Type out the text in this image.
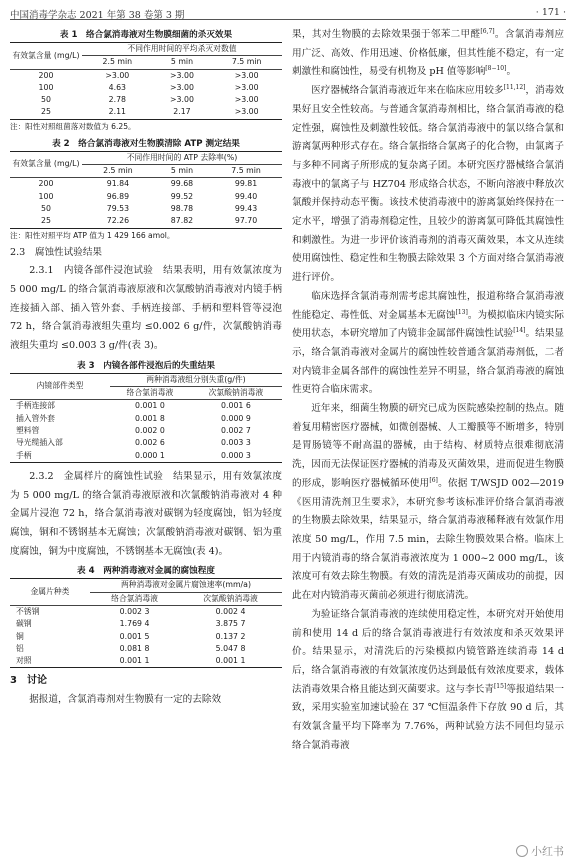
中国消毒学杂志 2021 年第 38 卷第 3 期	· 171 ·
表 1　络合氯消毒液对生物膜细菌的杀灭效果
有效氯含量 (mg/L)	不同作用时间的平均杀灭对数值		
	2.5 min	5 min	7.5 min
200	>3.00	>3.00	>3.00
100	4.63	>3.00	>3.00
50	2.78	>3.00	>3.00
25	2.11	2.17	>3.00
注：阳性对照组菌落对数值为 6.25。
表 2　络合氯消毒液对生物膜清除 ATP 测定结果
有效氯含量 (mg/L)	不同作用时间的 ATP 去除率(%)		
	2.5 min	5 min	7.5 min
200	91.84	99.68	99.81
100	96.89	99.52	99.40
50	79.53	98.78	99.43
25	72.26	87.82	97.70
注：阳性对照平均 ATP 值为 1 429 166 amol。
2.3　腐蚀性试验结果

2.3.1　内镜各部件浸泡试验　结果表明，用有效氯浓度为 5 000 mg/L 的络合氯消毒液原液和次氯酸钠消毒液对内镜手柄连接插入部、插入管外套、手柄连接部、手柄和塑料管等浸泡 72 h，络合氯消毒液组失重均 ≤0.002 6 g/件，次氯酸钠消毒液组失重均 ≤0.003 3 g/件(表 3)。

表 3　内镜各部件浸泡后的失重结果
内镜部件类型	两种消毒液组分别失重(g/件)	
	络合氯消毒液	次氯酸钠消毒液
手柄连接部	0.001 0	0.001 6
插入管外套	0.001 8	0.000 9
塑料管	0.002 0	0.002 7
导光缆插入部	0.002 6	0.003 3
手柄	0.000 1	0.000 3

2.3.2　金属样片的腐蚀性试验　结果显示，用有效氯浓度为 5 000 mg/L 的络合氯消毒液原液和次氯酸钠消毒液对 4 种金属片浸泡 72 h，络合氯消毒液对碳钢为轻度腐蚀，铝为轻度腐蚀，铜和不锈钢基本无腐蚀；次氯酸钠消毒液对碳钢、铝为重度腐蚀，铜为中度腐蚀，不锈钢基本无腐蚀(表 4)。

表 4　两种消毒液对金属的腐蚀程度
金属片种类	两种消毒液对金属片腐蚀速率(mm/a)	
	络合氯消毒液	次氯酸钠消毒液
不锈钢	0.002 3	0.002 4
碳钢	1.769 4	3.875 7
铜	0.001 5	0.137 2
铝	0.081 8	5.047 8
对照	0.001 1	0.001 1
3　讨论

据报道，含氯消毒剂对生物膜有一定的去除效

果，其对生物膜的去除效果强于邻苯二甲醛[6,7]。含氯消毒剂应用广泛、高效、作用迅速、价格低廉，但其性能不稳定，有一定刺激性和腐蚀性，易受有机物及 pH 值等影响[8−10]。

医疗器械络合氯消毒液近年来在临床应用较多[11,12]，消毒效果好且安全性较高。与普通含氯消毒剂相比，络合氯消毒液的稳定性强，腐蚀性及刺激性较低。络合氯消毒液中的氯以络合氯和游离氯两种形式存在。络合氯指络合氯离子的化合物，由氯离子与多种不同离子所形成的复杂离子团。本研究医疗器械络合氯消毒液中的氯离子与 HZ704 形成络合状态，不断向溶液中释放次氯酸并保持动态平衡。该技术使消毒液中的游离氯始终保持在一定水平，增强了消毒剂稳定性，且较少的游离氯可降低其腐蚀性和刺激性。为进一步评价该消毒剂的消毒灭菌效果，本文从连续使用腐蚀性、稳定性和生物膜去除效果 3 个方面对络合氯消毒液进行评价。

临床选择含氯消毒剂需考虑其腐蚀性，报道称络合氯消毒液性能稳定、毒性低、对金属基本无腐蚀[13]。为模拟临床内镜实际使用状态，本研究增加了内镜非金属部件腐蚀性试验[14]。结果显示，络合氯消毒液对金属片的腐蚀性较普通含氯消毒剂低，二者对内镜非金属各部件的腐蚀性差异不明显，络合氯消毒液的腐蚀性更符合临床需求。

近年来，细菌生物膜的研究已成为医院感染控制的热点。随着复用精密医疗器械，如微创器械、人工瓣膜等不断增多，特别是胃肠镜等不耐高温的器械，由于结构、材质特点很难彻底清洗，因而无法保证医疗器械的消毒及灭菌效果，进而促进生物膜的形成，影响医疗器械循环使用[6]。依据 T/WSJD 002—2019《医用清洗剂卫生要求》，本研究参考该标准评价络合氯消毒液的生物膜去除效果，结果显示，络合氯消毒液稀释液有效氯作用浓度 50 mg/L，作用 7.5 min，去除生物膜效果合格。临床上用于内镜消毒的络合氯消毒液浓度为 1 000~2 000 mg/L，该浓度可有效去除生物膜。有效的清洗是消毒灭菌成功的前提，因此在对内镜消毒灭菌前必须进行彻底清洗。

为验证络合氯消毒液的连续使用稳定性，本研究对开始使用前和使用 14 d 后的络合氯消毒液进行有效浓度和杀灭效果评价。结果显示，对清洗后的污染模拟内镜管路连续消毒 14 d 后，络合氯消毒液的有效氯浓度仍达到最低有效浓度要求，载体法消毒效果合格且能达到灭菌要求。这与李长青[15]等报道结果一致，采用实验室加速试验在 37 ℃恒温条件下存放 90 d 后，其有效氯含量平均下降率为 7.76%，两种试验方法不同但均显示络合氯消毒液

小红书
